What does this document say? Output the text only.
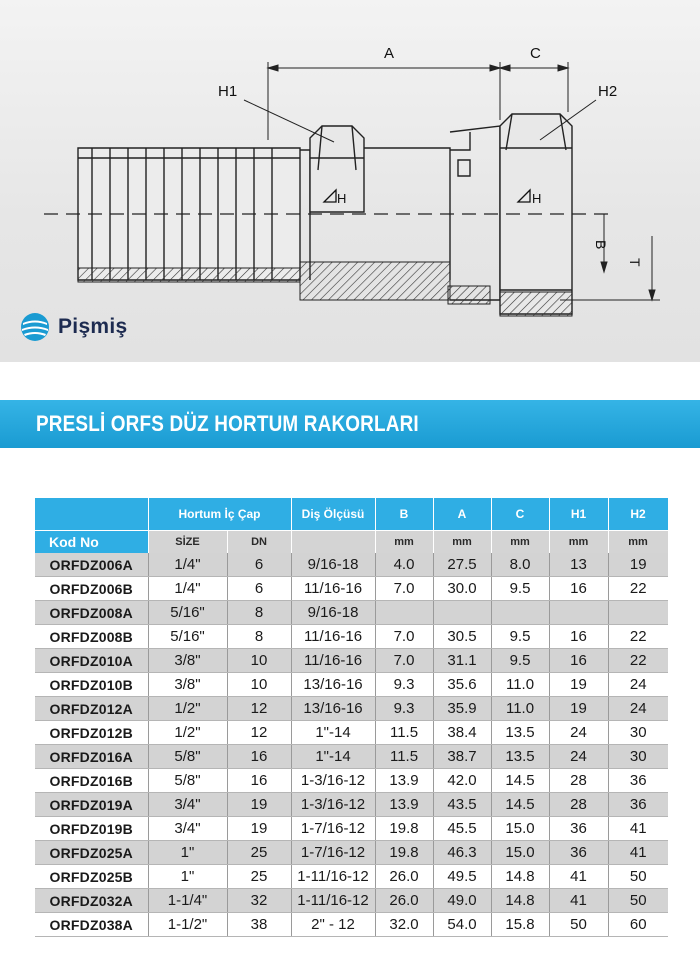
A	C
H1	H2
B
T
H	H
Pişmiş
PRESLİ ORFS DÜZ HORTUM RAKORLARI
	Hortum İç Çap		Diş Ölçüsü	B	A	C	H1	H2
Kod No	SİZE	DN		mm	mm	mm	mm	mm
ORFDZ006A	1/4"	6	9/16-18	4.0	27.5	8.0	13	19
ORFDZ006B	1/4"	6	11/16-16	7.0	30.0	9.5	16	22
ORFDZ008A	5/16"	8	9/16-18					
ORFDZ008B	5/16"	8	11/16-16	7.0	30.5	9.5	16	22
ORFDZ010A	3/8"	10	11/16-16	7.0	31.1	9.5	16	22
ORFDZ010B	3/8"	10	13/16-16	9.3	35.6	11.0	19	24
ORFDZ012A	1/2"	12	13/16-16	9.3	35.9	11.0	19	24
ORFDZ012B	1/2"	12	1"-14	11.5	38.4	13.5	24	30
ORFDZ016A	5/8"	16	1"-14	11.5	38.7	13.5	24	30
ORFDZ016B	5/8"	16	1-3/16-12	13.9	42.0	14.5	28	36
ORFDZ019A	3/4"	19	1-3/16-12	13.9	43.5	14.5	28	36
ORFDZ019B	3/4"	19	1-7/16-12	19.8	45.5	15.0	36	41
ORFDZ025A	1"	25	1-7/16-12	19.8	46.3	15.0	36	41
ORFDZ025B	1"	25	1-11/16-12	26.0	49.5	14.8	41	50
ORFDZ032A	1-1/4"	32	1-11/16-12	26.0	49.0	14.8	41	50
ORFDZ038A	1-1/2"	38	2" - 12	32.0	54.0	15.8	50	60
